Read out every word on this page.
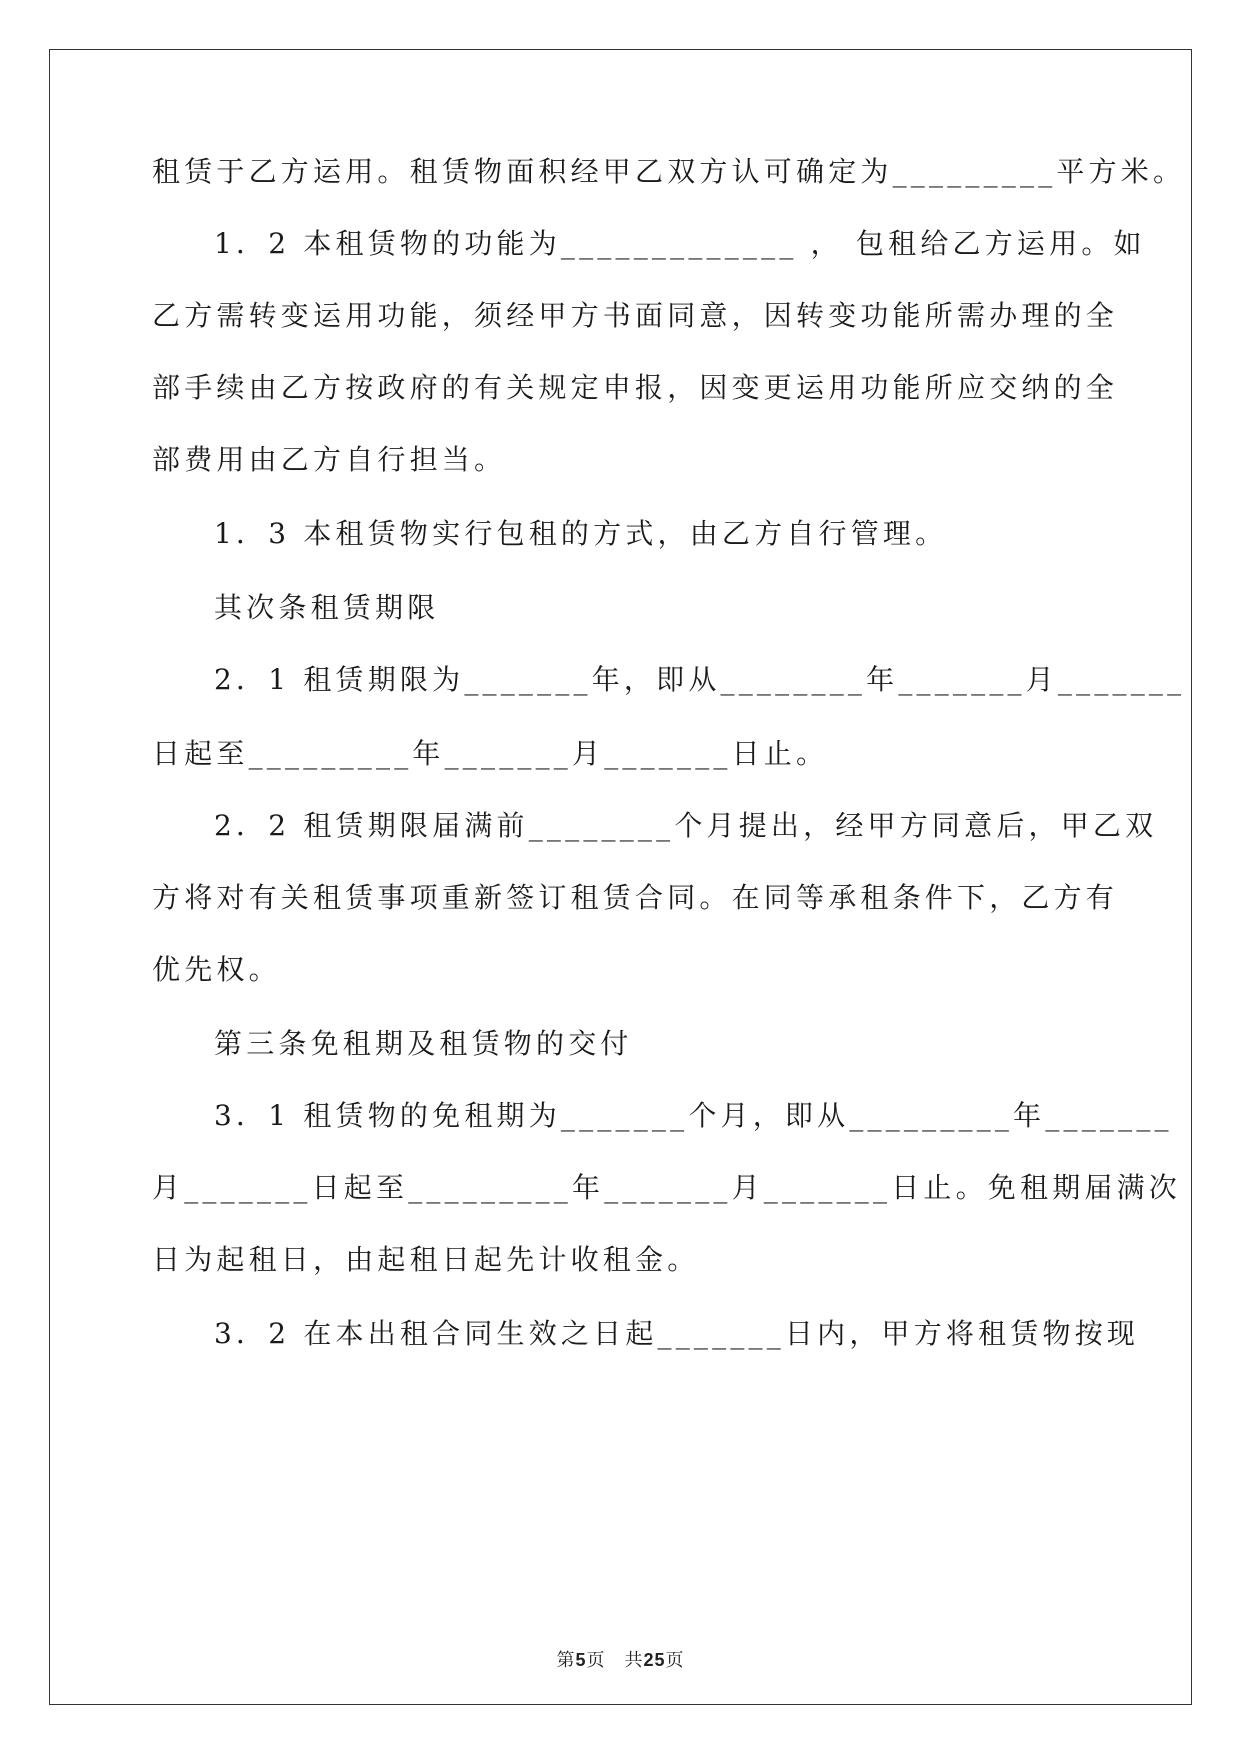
租赁于乙方运用。租赁物面积经甲乙双方认可确定为_________平方米。
1．2 本租赁物的功能为_____________ ， 包租给乙方运用。如
乙方需转变运用功能，须经甲方书面同意，因转变功能所需办理的全
部手续由乙方按政府的有关规定申报，因变更运用功能所应交纳的全
部费用由乙方自行担当。
1．3 本租赁物实行包租的方式，由乙方自行管理。
其次条租赁期限
2．1 租赁期限为_______年，即从________年_______月_______
日起至_________年_______月_______日止。
2．2 租赁期限届满前________个月提出，经甲方同意后，甲乙双
方将对有关租赁事项重新签订租赁合同。在同等承租条件下，乙方有
优先权。
第三条免租期及租赁物的交付
3．1 租赁物的免租期为_______个月，即从_________年_______
月_______日起至_________年_______月_______日止。免租期届满次
日为起租日，由起租日起先计收租金。
3．2 在本出租合同生效之日起_______日内，甲方将租赁物按现
第5页　共25页
